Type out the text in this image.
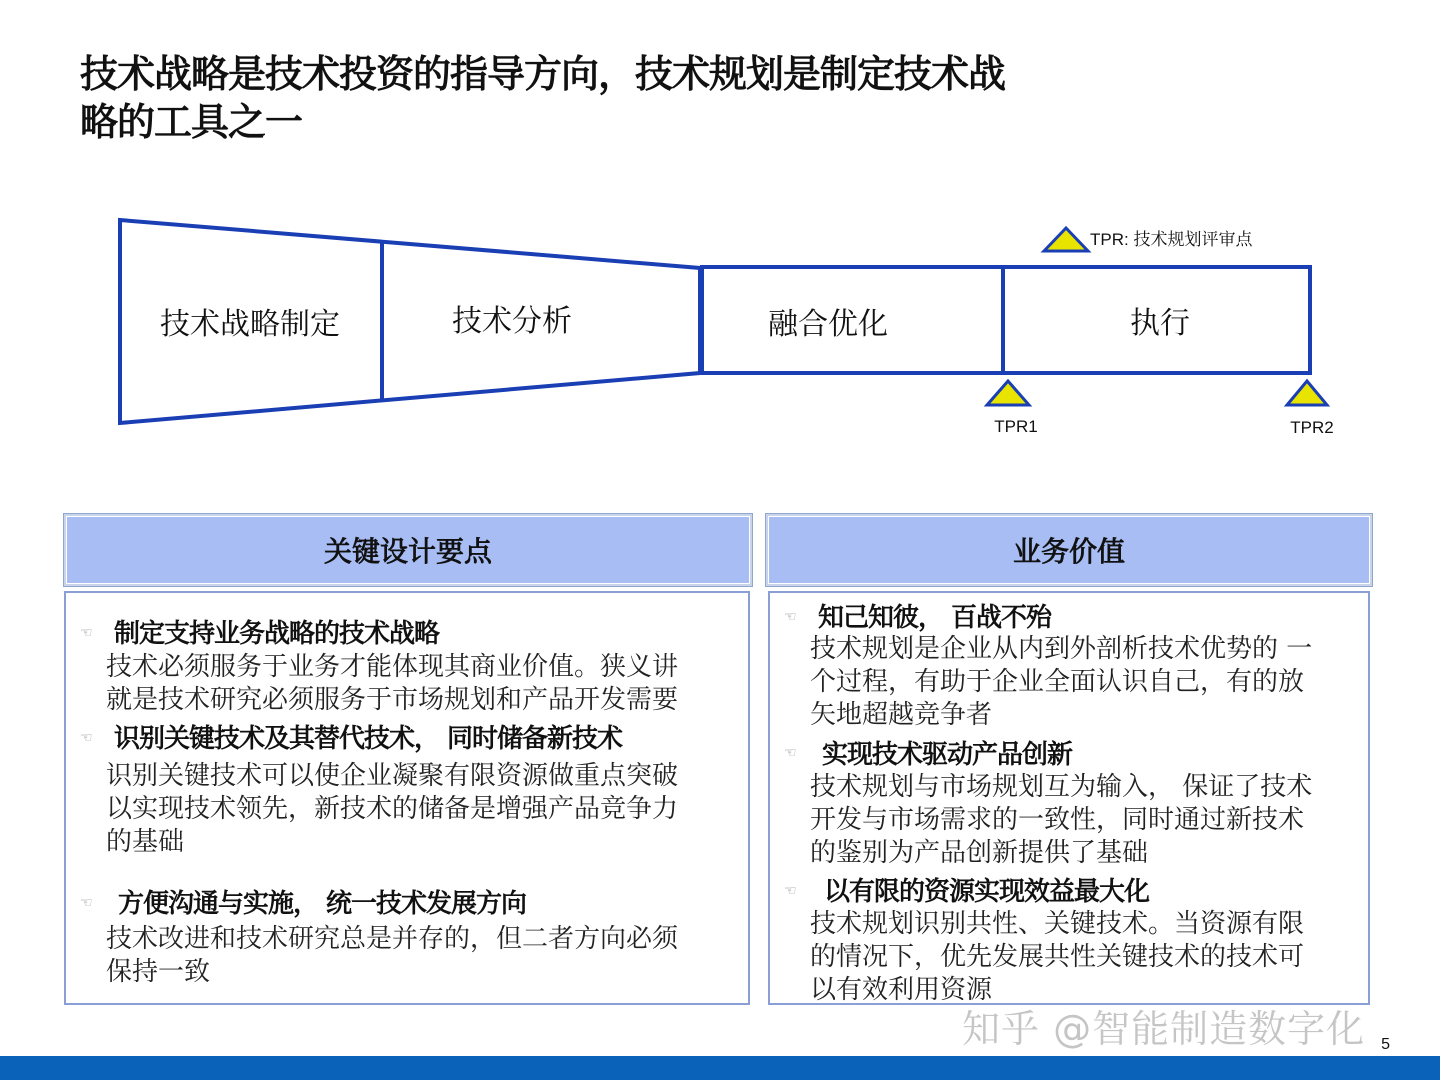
技术战略是技术投资的指导方向，技术规划是制定技术战
略的工具之一
技术战略制定	技术分析	融合优化	执行
TPR: 技术规划评审点
TPR1	TPR2
关键设计要点
☜ 制定支持业务战略的技术战略
技术必须服务于业务才能体现其商业价值。狭义讲
就是技术研究必须服务于市场规划和产品开发需要
☜ 识别关键技术及其替代技术， 同时储备新技术
识别关键技术可以使企业凝聚有限资源做重点突破
以实现技术领先，新技术的储备是增强产品竞争力
的基础
☜ 方便沟通与实施， 统一技术发展方向
技术改进和技术研究总是并存的，但二者方向必须
保持一致
业务价值
☜ 知己知彼， 百战不殆
技术规划是企业从内到外剖析技术优势的 一
个过程，有助于企业全面认识自己，有的放
矢地超越竞争者
☜ 实现技术驱动产品创新
技术规划与市场规划互为输入， 保证了技术
开发与市场需求的一致性，同时通过新技术
的鉴别为产品创新提供了基础
☜ 以有限的资源实现效益最大化
技术规划识别共性、关键技术。当资源有限
的情况下，优先发展共性关键技术的技术可
以有效利用资源
知乎 @智能制造数字化 5
